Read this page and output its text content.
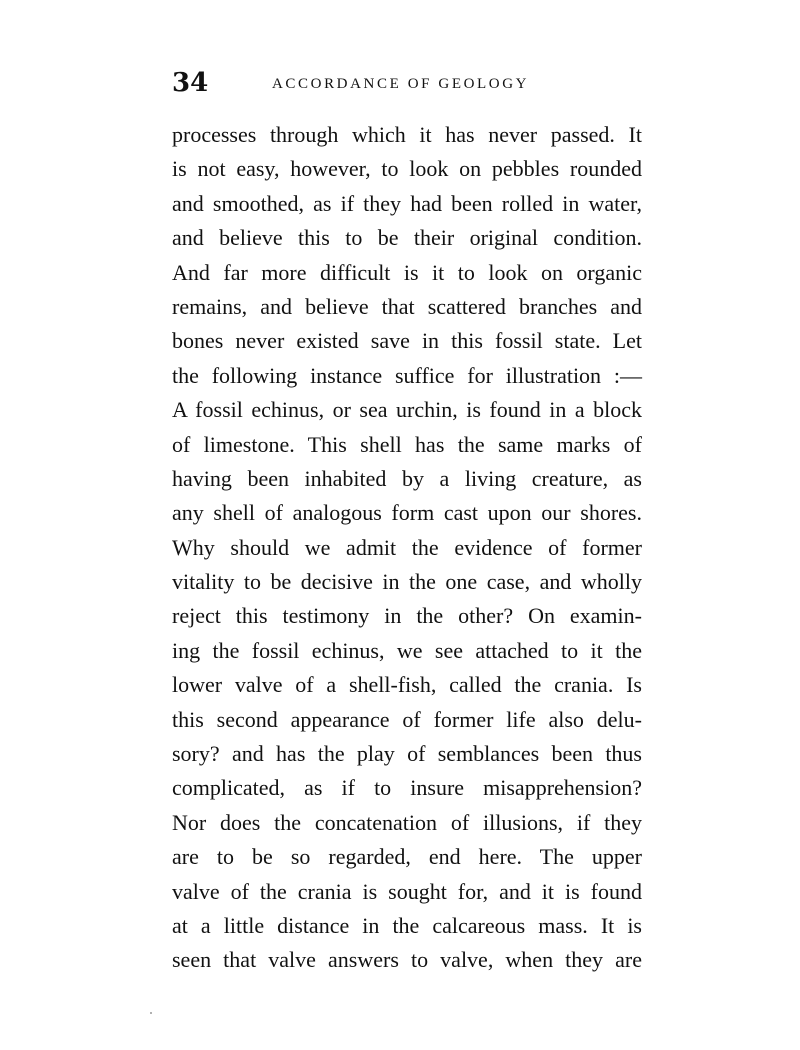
34	ACCORDANCE OF GEOLOGY
processes through which it has never passed. It
is not easy, however, to look on pebbles rounded
and smoothed, as if they had been rolled in water,
and believe this to be their original condition.
And far more difficult is it to look on organic
remains, and believe that scattered branches and
bones never existed save in this fossil state. Let
the following instance suffice for illustration :—
A fossil echinus, or sea urchin, is found in a block
of limestone. This shell has the same marks of
having been inhabited by a living creature, as
any shell of analogous form cast upon our shores.
Why should we admit the evidence of former
vitality to be decisive in the one case, and wholly
reject this testimony in the other? On examin-
ing the fossil echinus, we see attached to it the
lower valve of a shell-fish, called the crania. Is
this second appearance of former life also delu-
sory? and has the play of semblances been thus
complicated, as if to insure misapprehension?
Nor does the concatenation of illusions, if they
are to be so regarded, end here. The upper
valve of the crania is sought for, and it is found
at a little distance in the calcareous mass. It is
seen that valve answers to valve, when they are
